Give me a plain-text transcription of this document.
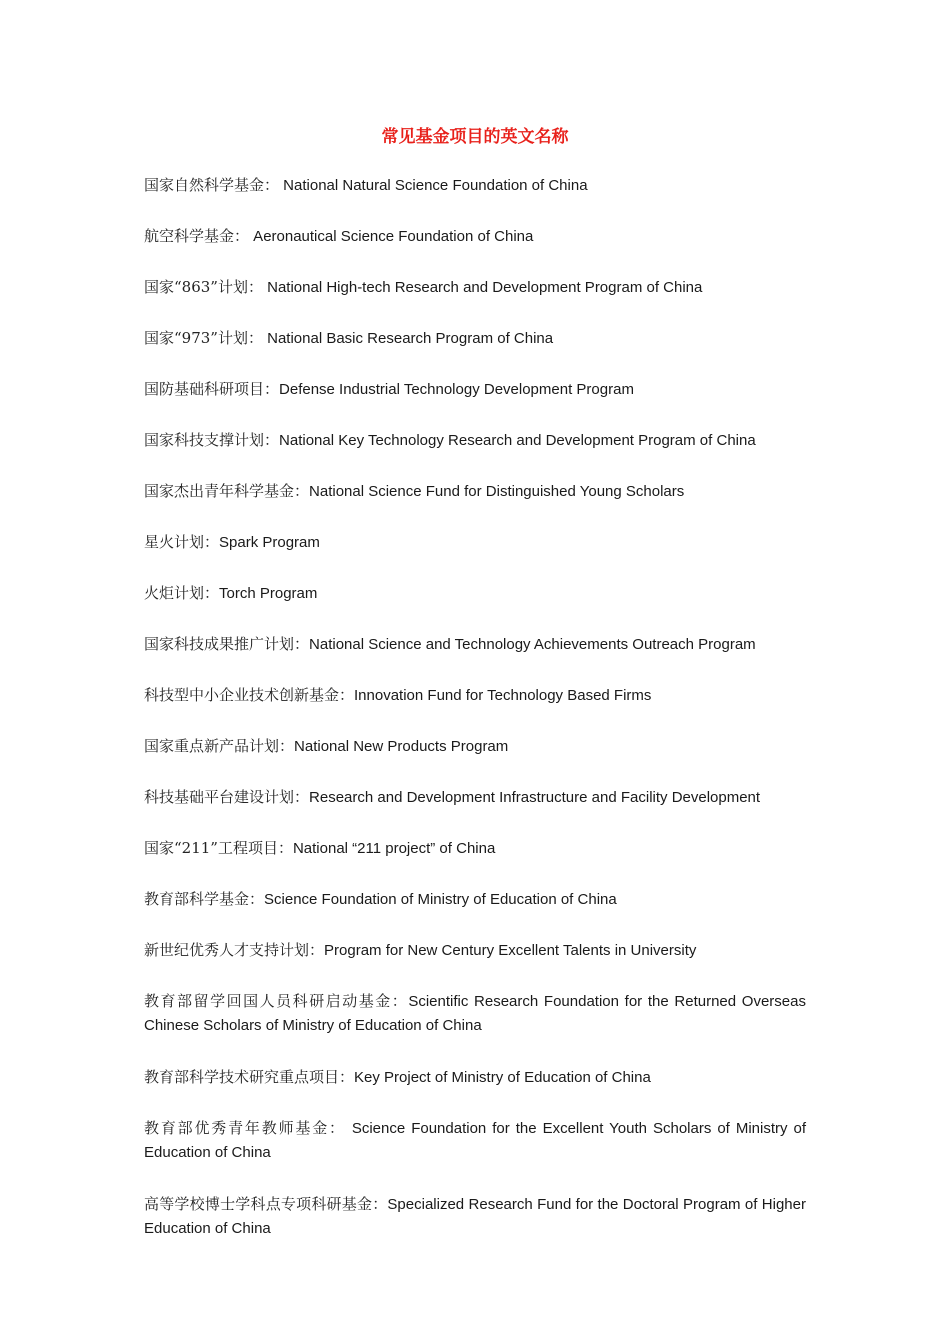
常见基金项目的英文名称

国家自然科学基金： National Natural Science Foundation of China

航空科学基金： Aeronautical Science Foundation of China

国家“863”计划： National High-tech Research and Development Program of China

国家“973”计划： National Basic Research Program of China

国防基础科研项目：Defense Industrial Technology Development Program

国家科技支撑计划：National Key Technology Research and Development Program of China

国家杰出青年科学基金：National Science Fund for Distinguished Young Scholars

星火计划：Spark Program

火炬计划：Torch Program

国家科技成果推广计划：National Science and Technology Achievements Outreach Program

科技型中小企业技术创新基金：Innovation Fund for Technology Based Firms

国家重点新产品计划：National New Products Program

科技基础平台建设计划：Research and Development Infrastructure and Facility Development

国家“211”工程项目：National “211 project” of China

教育部科学基金：Science Foundation of Ministry of Education of China

新世纪优秀人才支持计划：Program for New Century Excellent Talents in University

教育部留学回国人员科研启动基金：Scientific Research Foundation for the Returned Overseas Chinese Scholars of Ministry of Education of China

教育部科学技术研究重点项目：Key Project of Ministry of Education of China

教育部优秀青年教师基金： Science Foundation for the Excellent Youth Scholars of Ministry of Education of China

高等学校博士学科点专项科研基金：Specialized Research Fund for the Doctoral Program of Higher Education of China
